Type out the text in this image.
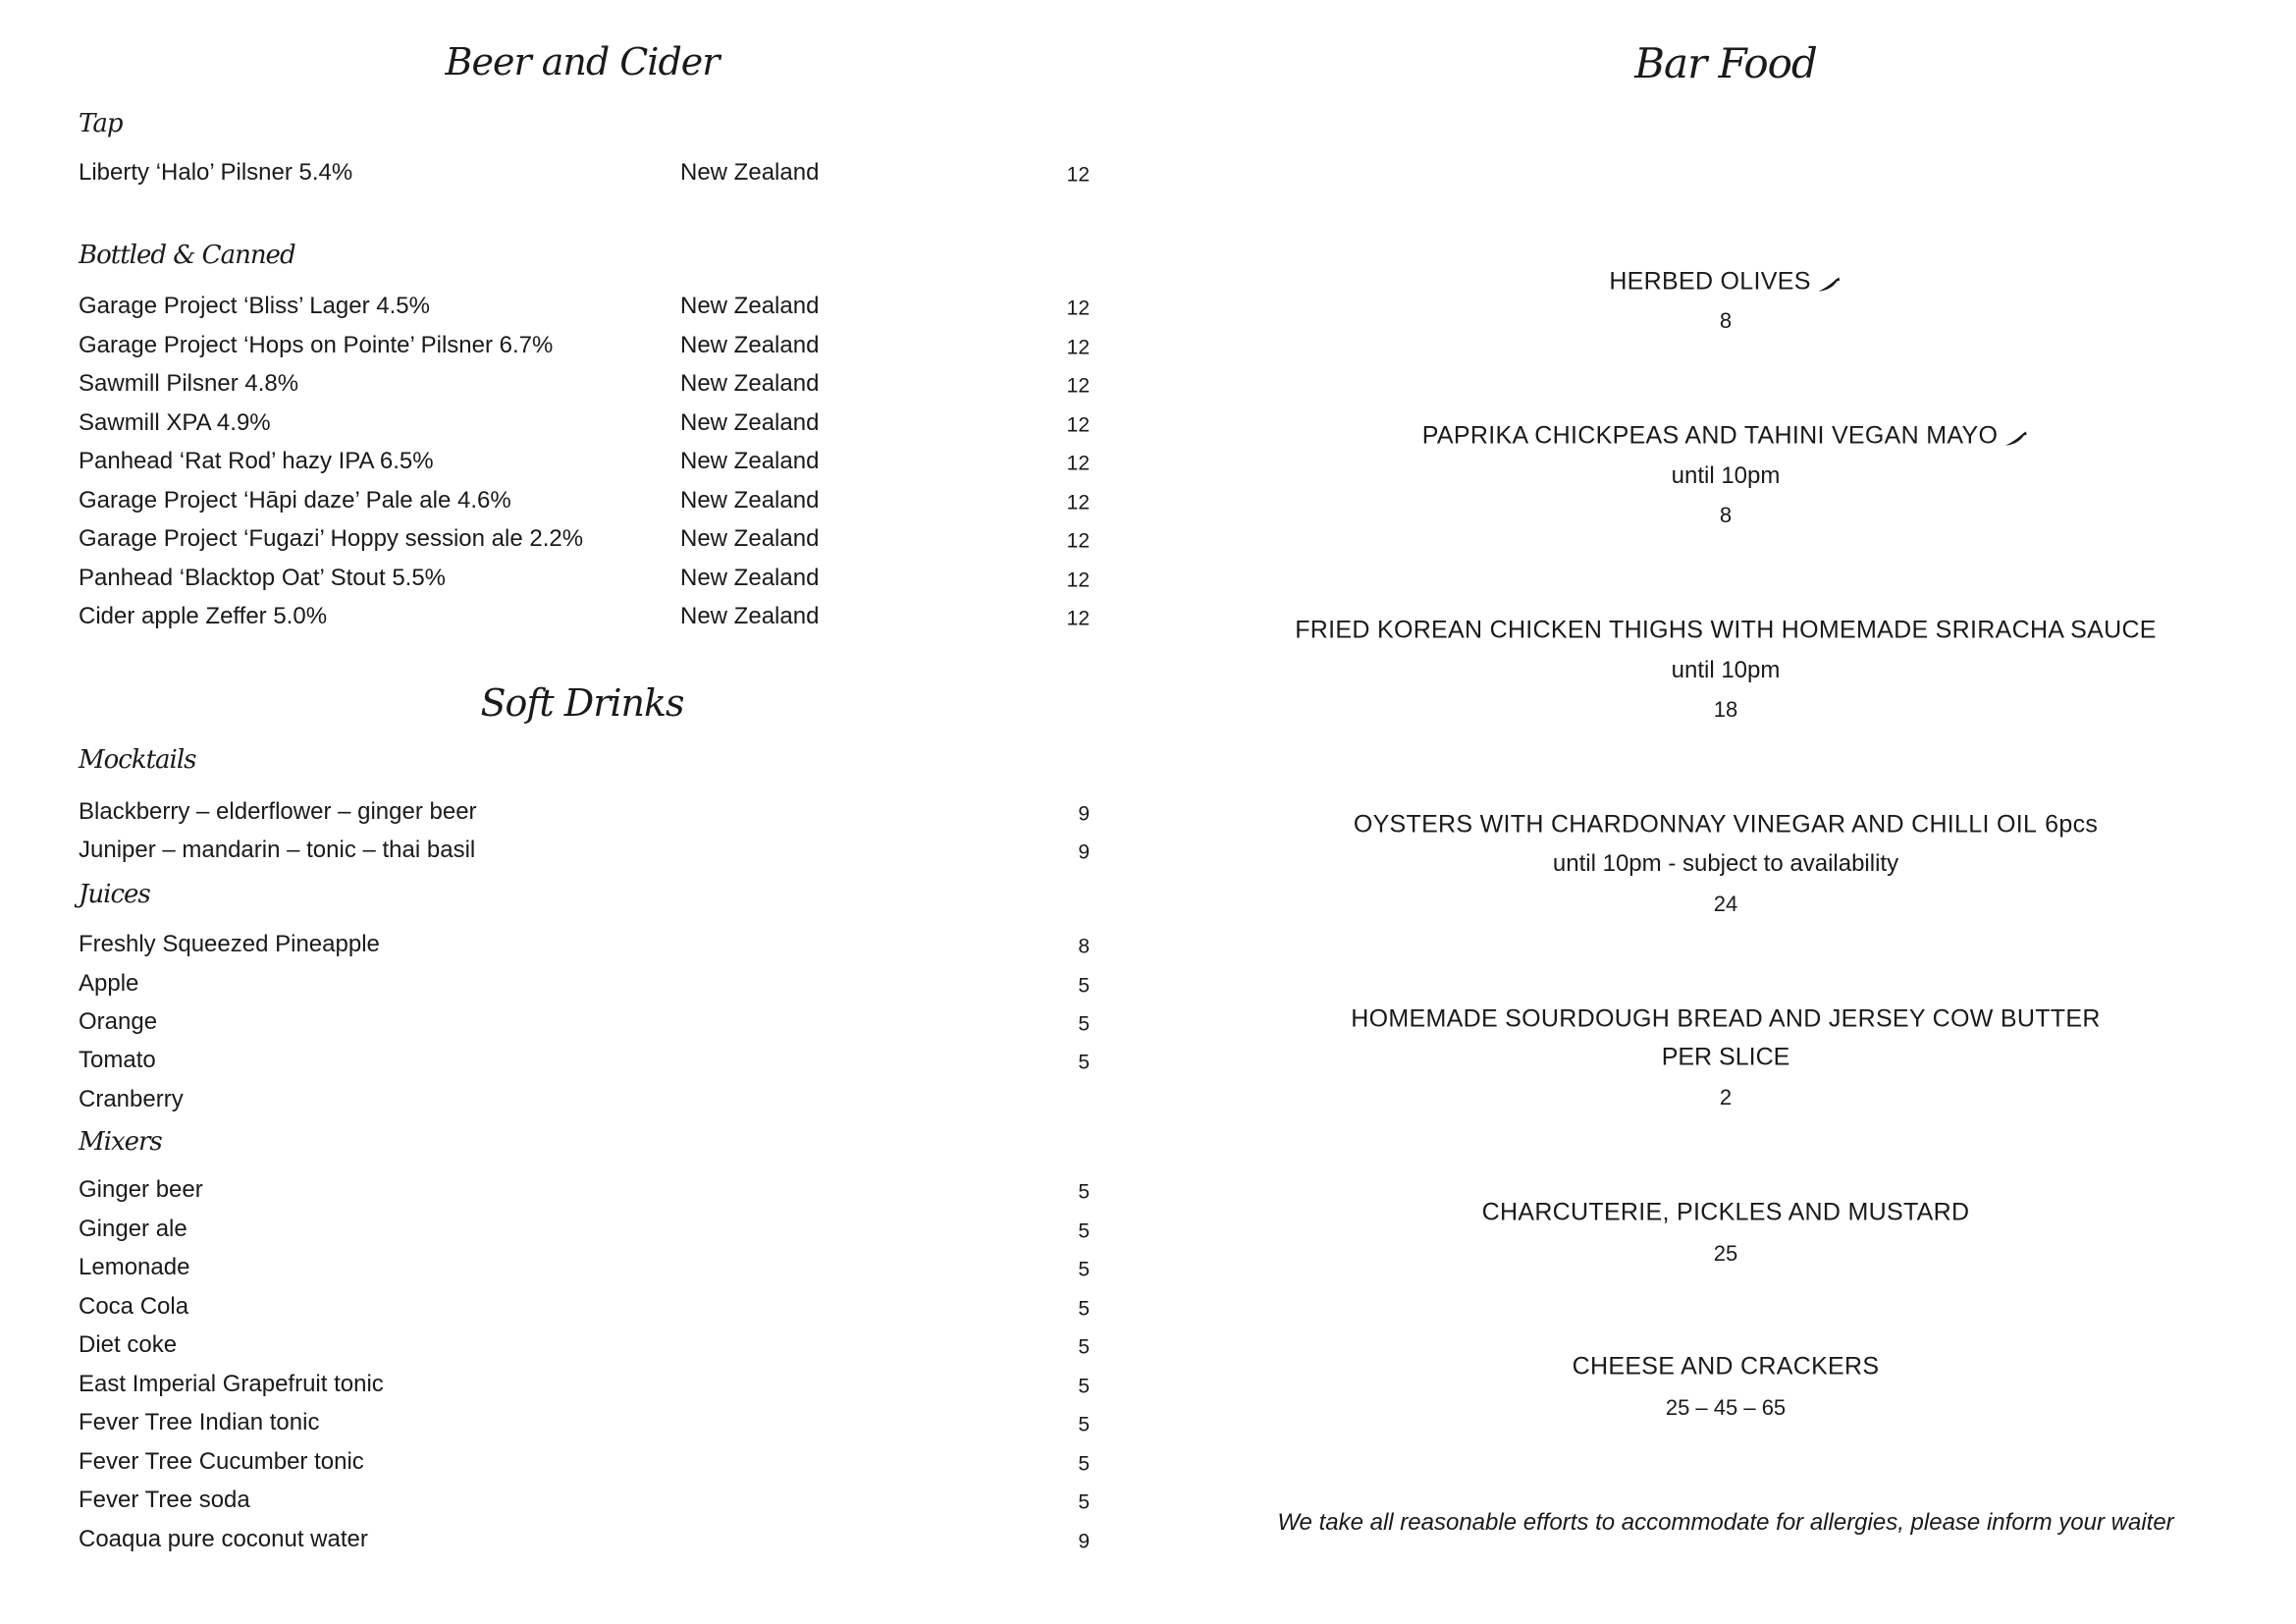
Beer and Cider
Tap
Bottled & Canned
Soft Drinks
Mocktails
Juices
Mixers
Liberty ‘Halo’ Pilsner 5.4%	New Zealand	12
Garage Project ‘Bliss’ Lager 4.5%	New Zealand	12
Garage Project ‘Hops on Pointe’ Pilsner 6.7%	New Zealand	12
Sawmill Pilsner 4.8%	New Zealand	12
Sawmill XPA 4.9%	New Zealand	12
Panhead ‘Rat Rod’ hazy IPA 6.5%	New Zealand	12
Garage Project ‘Hāpi daze’ Pale ale 4.6%	New Zealand	12
Garage Project ‘Fugazi’ Hoppy session ale 2.2%	New Zealand	12
Panhead ‘Blacktop Oat’ Stout 5.5%	New Zealand	12
Cider apple Zeffer 5.0%	New Zealand	12
Blackberry – elderflower – ginger beer	9
Juniper – mandarin – tonic – thai basil	9
Freshly Squeezed Pineapple	8
Apple	5
Orange	5
Tomato	5
Cranberry
Ginger beer	5
Ginger ale	5
Lemonade	5
Coca Cola	5
Diet coke	5
East Imperial Grapefruit tonic	5
Fever Tree Indian tonic	5
Fever Tree Cucumber tonic	5
Fever Tree soda	5
Coaqua pure coconut water	9
Bar Food
HERBED OLIVES
8
PAPRIKA CHICKPEAS AND TAHINI VEGAN MAYO
until 10pm
8
FRIED KOREAN CHICKEN THIGHS WITH HOMEMADE SRIRACHA SAUCE
until 10pm
18
OYSTERS WITH CHARDONNAY VINEGAR AND CHILLI OIL 6pcs
until 10pm - subject to availability
24
HOMEMADE SOURDOUGH BREAD AND JERSEY COW BUTTER
PER SLICE
2
CHARCUTERIE, PICKLES AND MUSTARD
25
CHEESE AND CRACKERS
25 – 45 – 65
We take all reasonable efforts to accommodate for allergies, please inform your waiter
